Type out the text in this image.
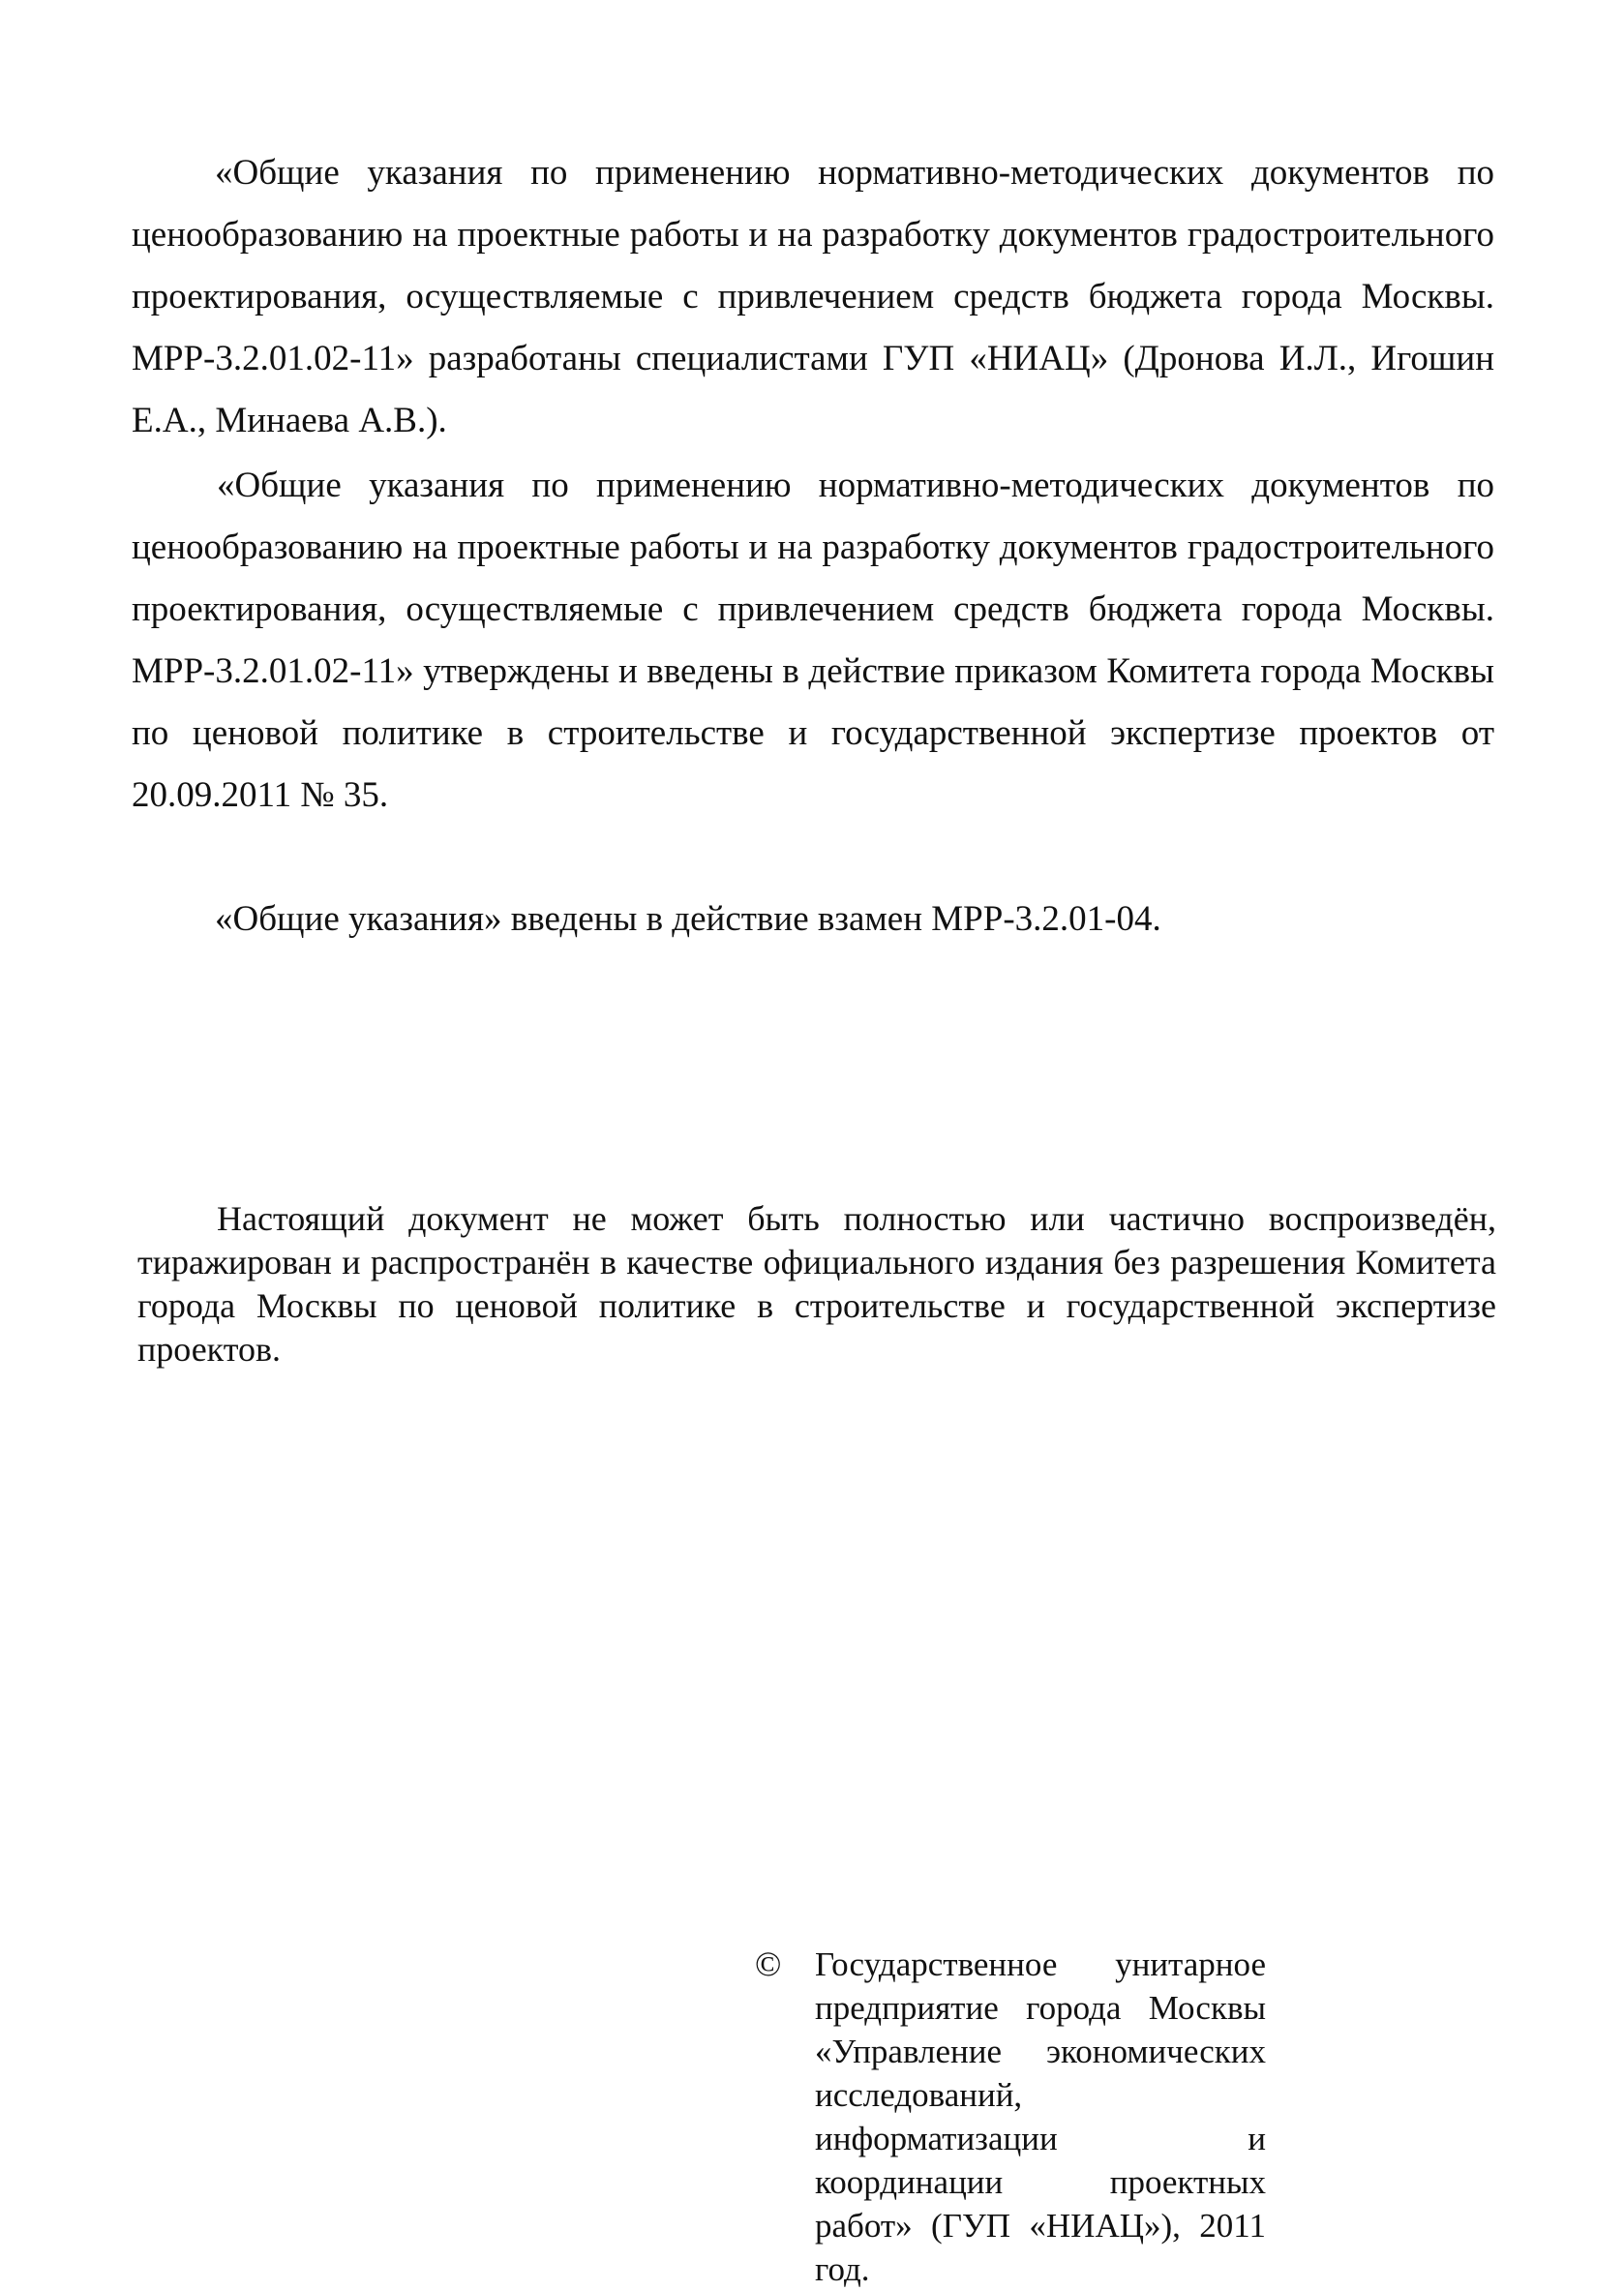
«Общие указания по применению нормативно-методических документов по ценообразованию на проектные работы и на разработку документов градостроительного проектирования, осуществляемые с привлечением средств бюджета города Москвы. МРР-3.2.01.02-11» разработаны специалистами ГУП «НИАЦ» (Дронова И.Л., Игошин Е.А., Минаева А.В.).

«Общие указания по применению нормативно-методических документов по ценообразованию на проектные работы и на разработку документов градостроительного проектирования, осуществляемые с привлечением средств бюджета города Москвы. МРР-3.2.01.02-11» утверждены и введены в действие приказом Комитета города Москвы по ценовой политике в строительстве и государственной экспертизе проектов от 20.09.2011 № 35.

«Общие указания» введены в действие взамен МРР-3.2.01-04.

Настоящий документ не может быть полностью или частично воспроизведён, тиражирован и распространён в качестве официального издания без разрешения Комитета города Москвы по ценовой политике в строительстве и государственной экспертизе проектов.

© Государственное унитарное предприятие города Москвы «Управление экономических исследований, информатизации и координации проектных работ» (ГУП «НИАЦ»), 2011 год.
